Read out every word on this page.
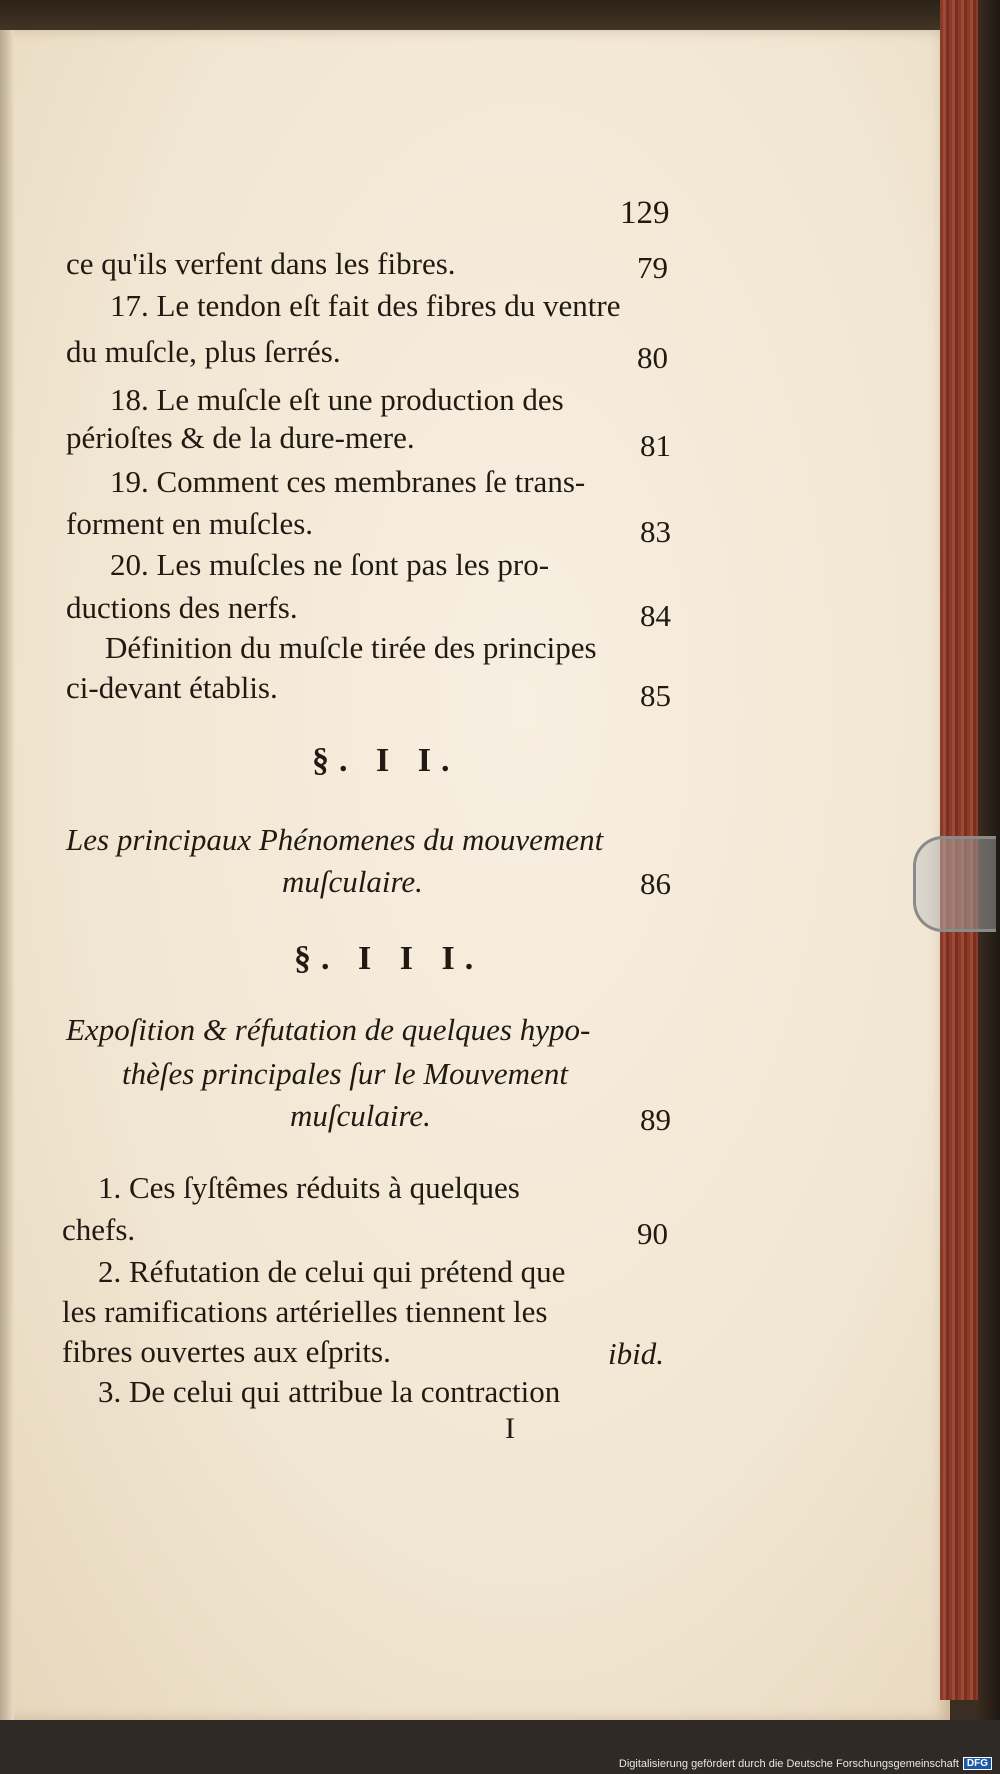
129
ce qu'ils verfent dans les fibres.	79
17. Le tendon eſt fait des fibres du ventre
du muſcle, plus ſerrés.	80
18. Le muſcle eſt une production des
périoſtes & de la dure-mere.	81
19. Comment ces membranes ſe trans-
forment en muſcles.	83
20. Les muſcles ne ſont pas les pro-
ductions des nerfs.	84
Définition du muſcle tirée des principes
ci-devant établis.	85
§. I I.
Les principaux Phénomenes du mouvement
muſculaire.	86
§. I I I.
Expoſition & réfutation de quelques hypo-
thèſes principales ſur le Mouvement
muſculaire.	89
1. Ces ſyſtêmes réduits à quelques
chefs.	90
2. Réfutation de celui qui prétend que
les ramifications artérielles tiennent les
fibres ouvertes aux eſprits.	ibid.
3. De celui qui attribue la contraction
I
Digitalisierung gefördert durch die Deutsche Forschungsgemeinschaft DFG
